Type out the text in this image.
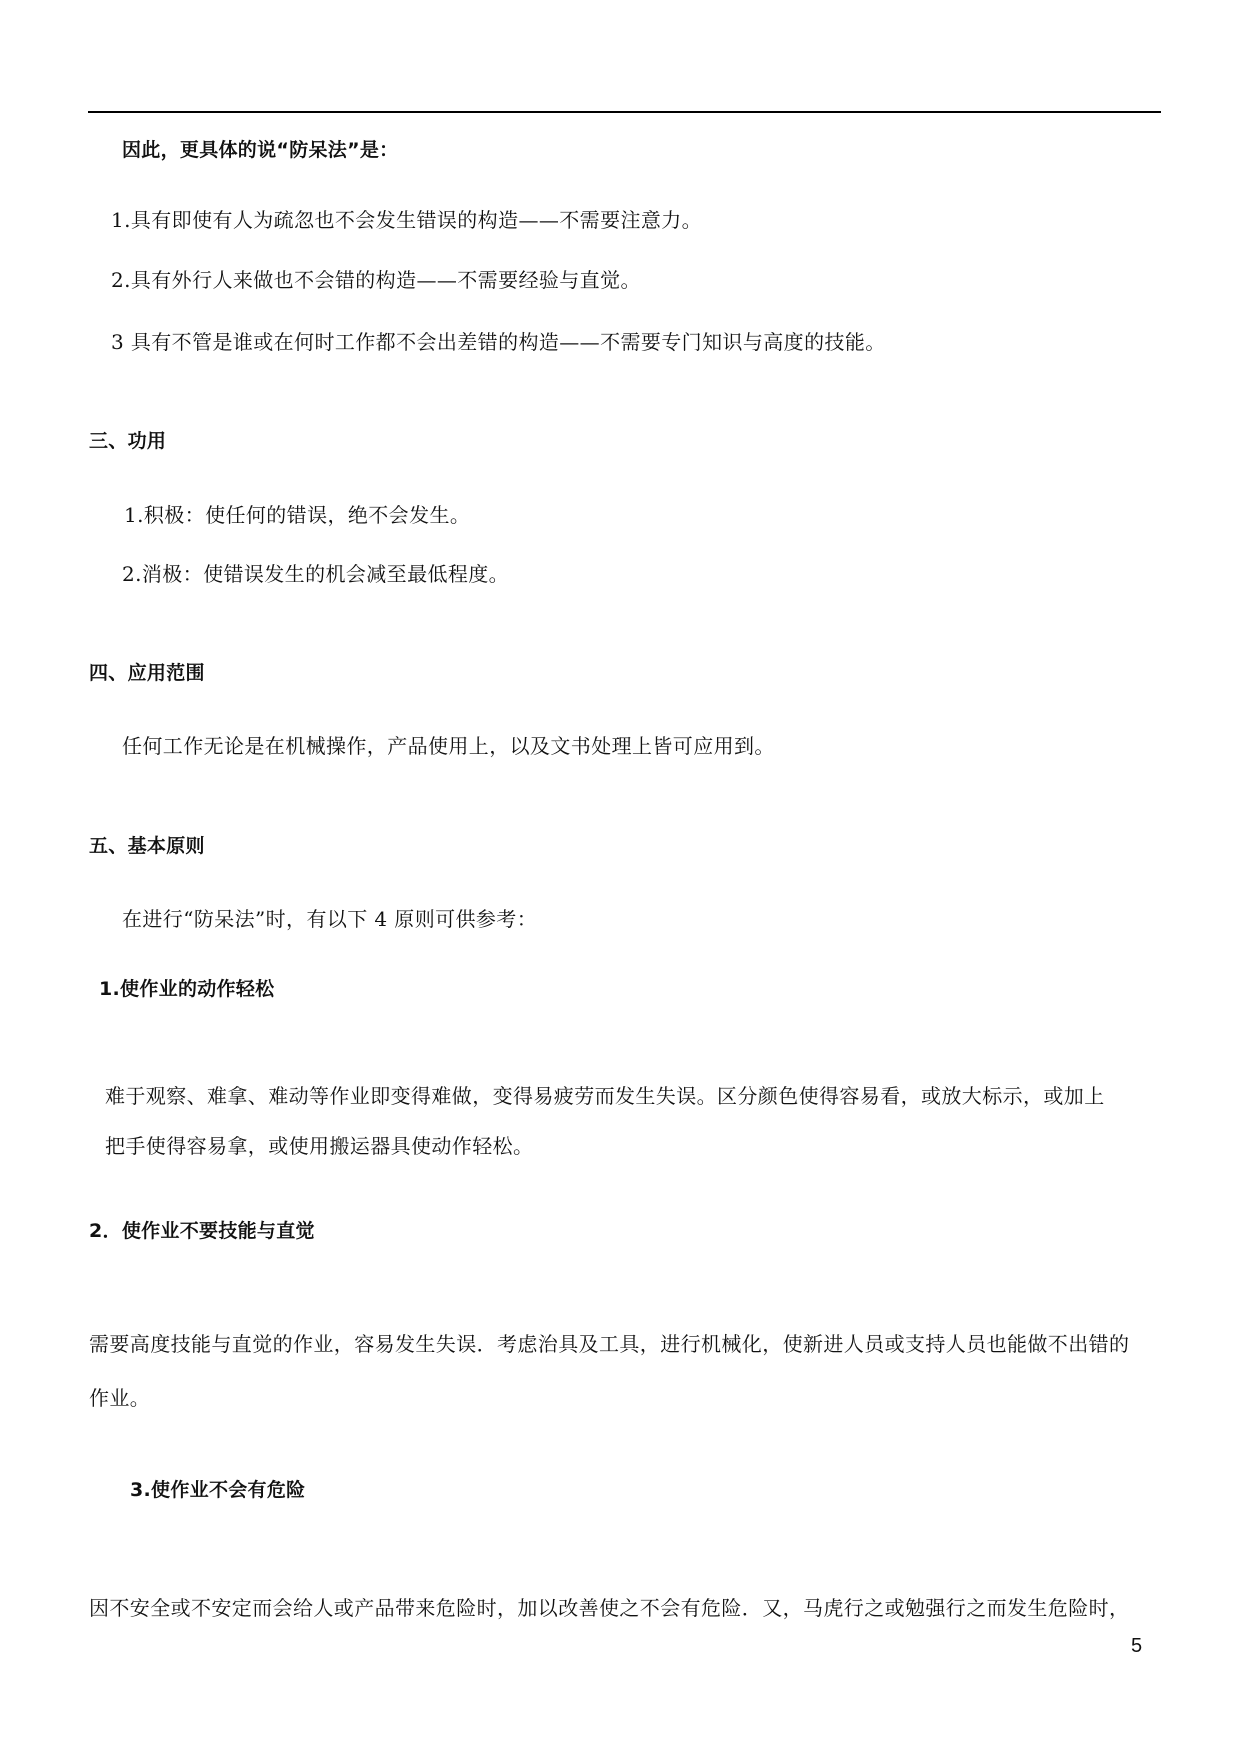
因此，更具体的说“防呆法”是：
1.具有即使有人为疏忽也不会发生错误的构造——不需要注意力。
2.具有外行人来做也不会错的构造——不需要经验与直觉。
3 具有不管是谁或在何时工作都不会出差错的构造——不需要专门知识与高度的技能。
三、功用
1.积极：使任何的错误，绝不会发生。
2.消极：使错误发生的机会减至最低程度。
四、应用范围
任何工作无论是在机械操作，产品使用上，以及文书处理上皆可应用到。
五、基本原则
在进行“防呆法”时，有以下 4 原则可供参考：
1.使作业的动作轻松
难于观察、难拿、难动等作业即变得难做，变得易疲劳而发生失误。区分颜色使得容易看，或放大标示，或加上
把手使得容易拿，或使用搬运器具使动作轻松。
2．使作业不要技能与直觉
需要高度技能与直觉的作业，容易发生失误．考虑治具及工具，进行机械化，使新进人员或支持人员也能做不出错的
作业。
3.使作业不会有危险
因不安全或不安定而会给人或产品带来危险时，加以改善使之不会有危险．又，马虎行之或勉强行之而发生危险时，
5
